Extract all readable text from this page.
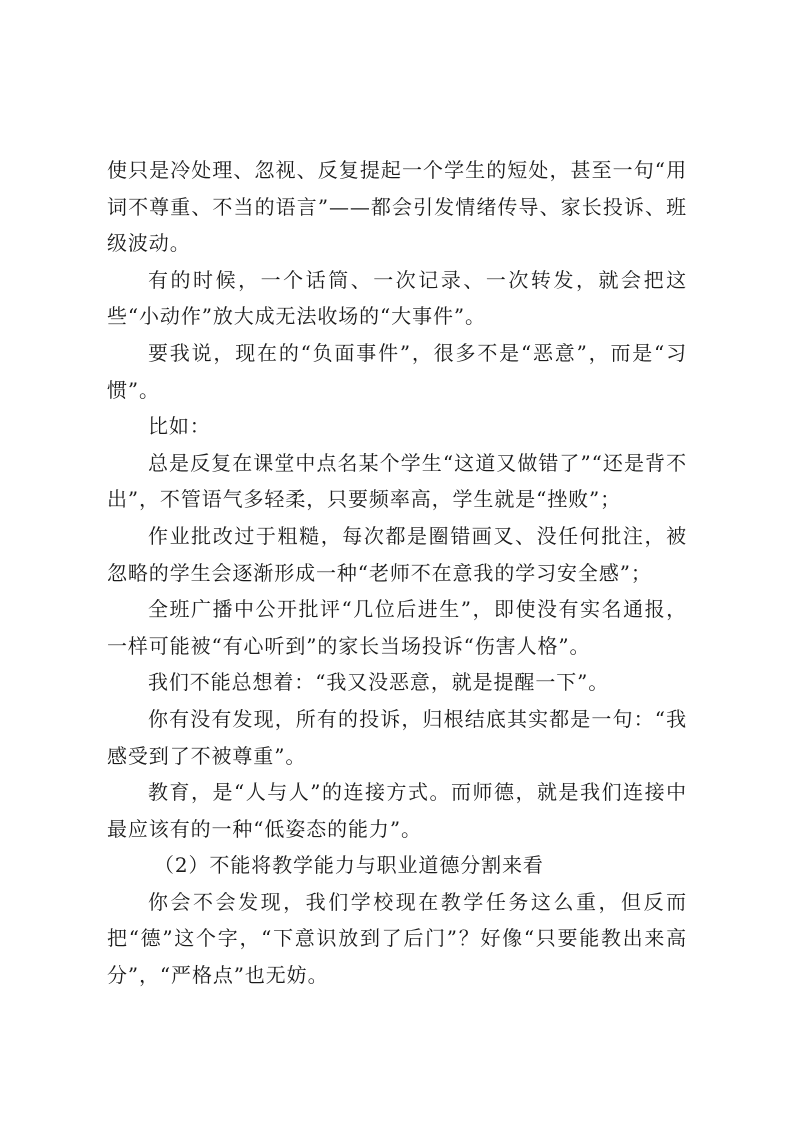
使只是冷处理、忽视、反复提起一个学生的短处，甚至一句“用词不尊重、不当的语言”——都会引发情绪传导、家长投诉、班级波动。

有的时候，一个话筒、一次记录、一次转发，就会把这些“小动作”放大成无法收场的“大事件”。

要我说，现在的“负面事件”，很多不是“恶意”，而是“习惯”。

比如：

总是反复在课堂中点名某个学生“这道又做错了”“还是背不出”，不管语气多轻柔，只要频率高，学生就是“挫败”；

作业批改过于粗糙，每次都是圈错画叉、没任何批注，被忽略的学生会逐渐形成一种“老师不在意我的学习安全感”；

全班广播中公开批评“几位后进生”，即使没有实名通报，一样可能被“有心听到”的家长当场投诉“伤害人格”。

我们不能总想着：“我又没恶意，就是提醒一下”。

你有没有发现，所有的投诉，归根结底其实都是一句：“我感受到了不被尊重”。

教育，是“人与人”的连接方式。而师德，就是我们连接中最应该有的一种“低姿态的能力”。

（2）不能将教学能力与职业道德分割来看

你会不会发现，我们学校现在教学任务这么重，但反而把“德”这个字，“下意识放到了后门”？好像“只要能教出来高分”，“严格点”也无妨。
